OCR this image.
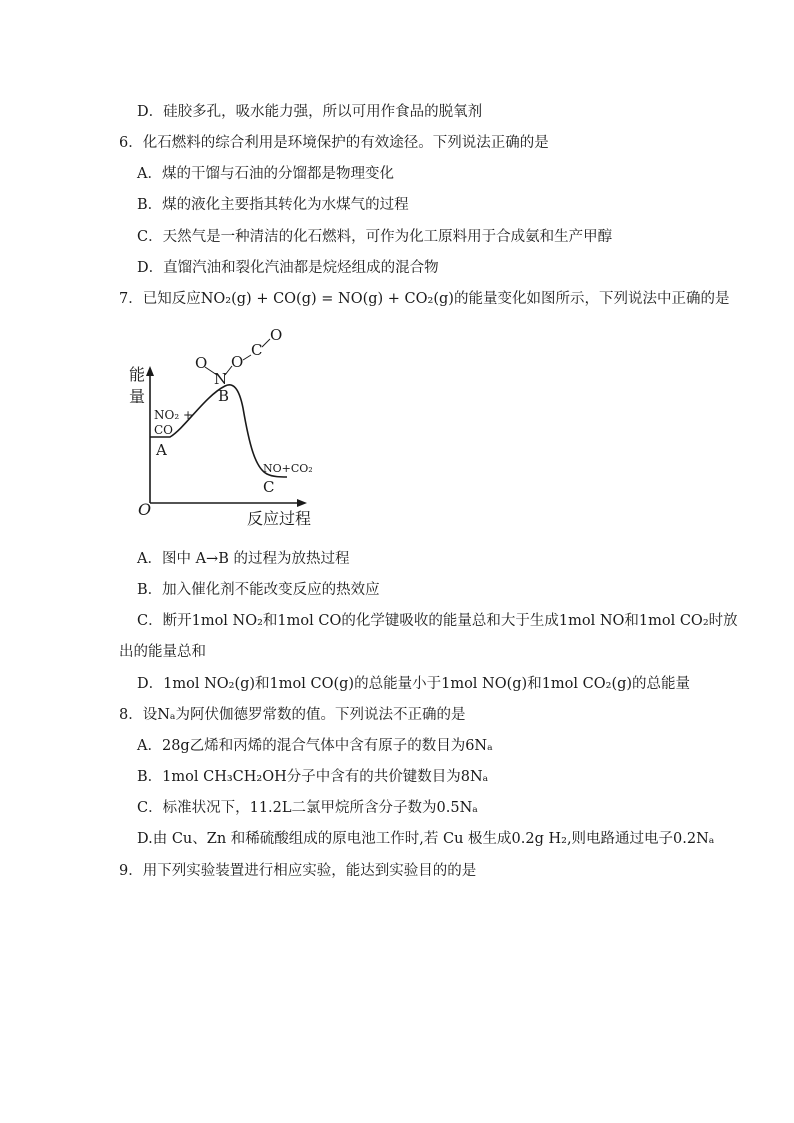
D．硅胶多孔，吸水能力强，所以可用作食品的脱氧剂
6．化石燃料的综合利用是环境保护的有效途径。下列说法正确的是
A．煤的干馏与石油的分馏都是物理变化
B．煤的液化主要指其转化为水煤气的过程
C．天然气是一种清洁的化石燃料，可作为化工原料用于合成氨和生产甲醇
D．直馏汽油和裂化汽油都是烷烃组成的混合物
7．已知反应NO₂(g) + CO(g) = NO(g) + CO₂(g)的能量变化如图所示，下列说法中正确的是
O
N
O
C
O
能
量
NO₂ +
CO
A
B
NO+CO₂
C
O	反应过程
A．图中 A→B 的过程为放热过程
B．加入催化剂不能改变反应的热效应
C．断开1mol NO₂和1mol CO的化学键吸收的能量总和大于生成1mol NO和1mol CO₂时放
出的能量总和
D．1mol NO₂(g)和1mol CO(g)的总能量小于1mol NO(g)和1mol CO₂(g)的总能量
8．设Nₐ为阿伏伽德罗常数的值。下列说法不正确的是
A．28g乙烯和丙烯的混合气体中含有原子的数目为6Nₐ
B．1mol CH₃CH₂OH分子中含有的共价键数目为8Nₐ
C．标准状况下，11.2L二氯甲烷所含分子数为0.5Nₐ
D.由 Cu、Zn 和稀硫酸组成的原电池工作时,若 Cu 极生成0.2g H₂,则电路通过电子0.2Nₐ
9．用下列实验装置进行相应实验，能达到实验目的的是
